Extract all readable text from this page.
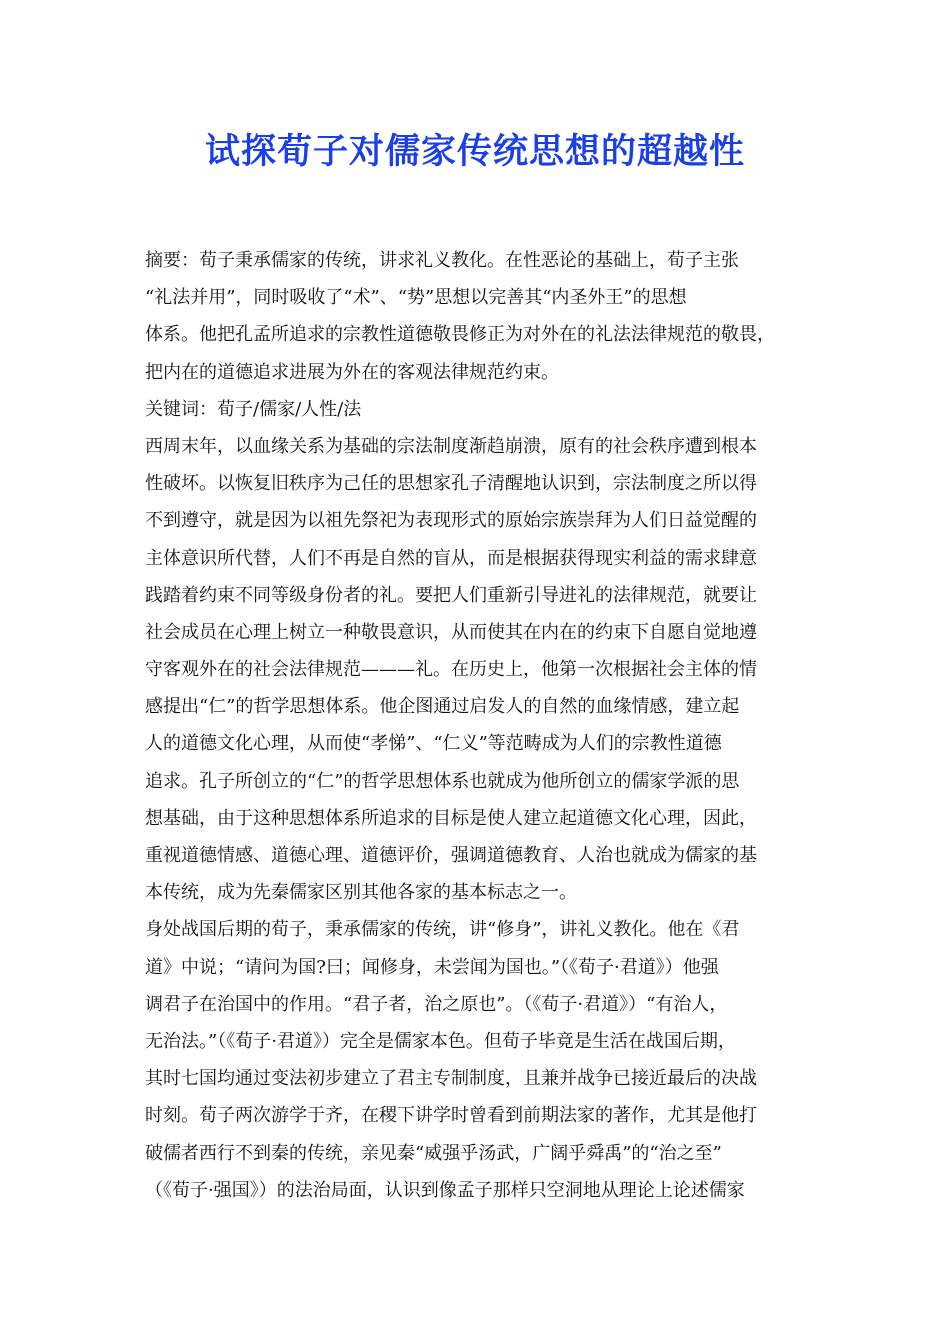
试探荀子对儒家传统思想的超越性
摘要：荀子秉承儒家的传统，讲求礼义教化。在性恶论的基础上，荀子主张
“礼法并用”，同时吸收了“术”、“势”思想以完善其“内圣外王”的思想
体系。他把孔孟所追求的宗教性道德敬畏修正为对外在的礼法法律规范的敬畏，
把内在的道德追求进展为外在的客观法律规范约束。
关键词：荀子/儒家/人性/法
西周末年，以血缘关系为基础的宗法制度渐趋崩溃，原有的社会秩序遭到根本
性破坏。以恢复旧秩序为己任的思想家孔子清醒地认识到，宗法制度之所以得
不到遵守，就是因为以祖先祭祀为表现形式的原始宗族崇拜为人们日益觉醒的
主体意识所代替，人们不再是自然的盲从，而是根据获得现实利益的需求肆意
践踏着约束不同等级身份者的礼。要把人们重新引导进礼的法律规范，就要让
社会成员在心理上树立一种敬畏意识，从而使其在内在的约束下自愿自觉地遵
守客观外在的社会法律规范———礼。在历史上，他第一次根据社会主体的情
感提出“仁”的哲学思想体系。他企图通过启发人的自然的血缘情感，建立起
人的道德文化心理，从而使“孝悌”、“仁义”等范畴成为人们的宗教性道德
追求。孔子所创立的“仁”的哲学思想体系也就成为他所创立的儒家学派的思
想基础，由于这种思想体系所追求的目标是使人建立起道德文化心理，因此，
重视道德情感、道德心理、道德评价，强调道德教育、人治也就成为儒家的基
本传统，成为先秦儒家区别其他各家的基本标志之一。
身处战国后期的荀子，秉承儒家的传统，讲“修身”，讲礼义教化。他在《君
道》中说；“请问为国?曰；闻修身，未尝闻为国也。”（《荀子·君道》）他强
调君子在治国中的作用。“君子者，治之原也”。（《荀子·君道》）“有治人，
无治法。”（《荀子·君道》）完全是儒家本色。但荀子毕竟是生活在战国后期，
其时七国均通过变法初步建立了君主专制制度，且兼并战争已接近最后的决战
时刻。荀子两次游学于齐，在稷下讲学时曾看到前期法家的著作，尤其是他打
破儒者西行不到秦的传统，亲见秦“威强乎汤武，广阔乎舜禹”的“治之至”
（《荀子·强国》）的法治局面，认识到像孟子那样只空洞地从理论上论述儒家
